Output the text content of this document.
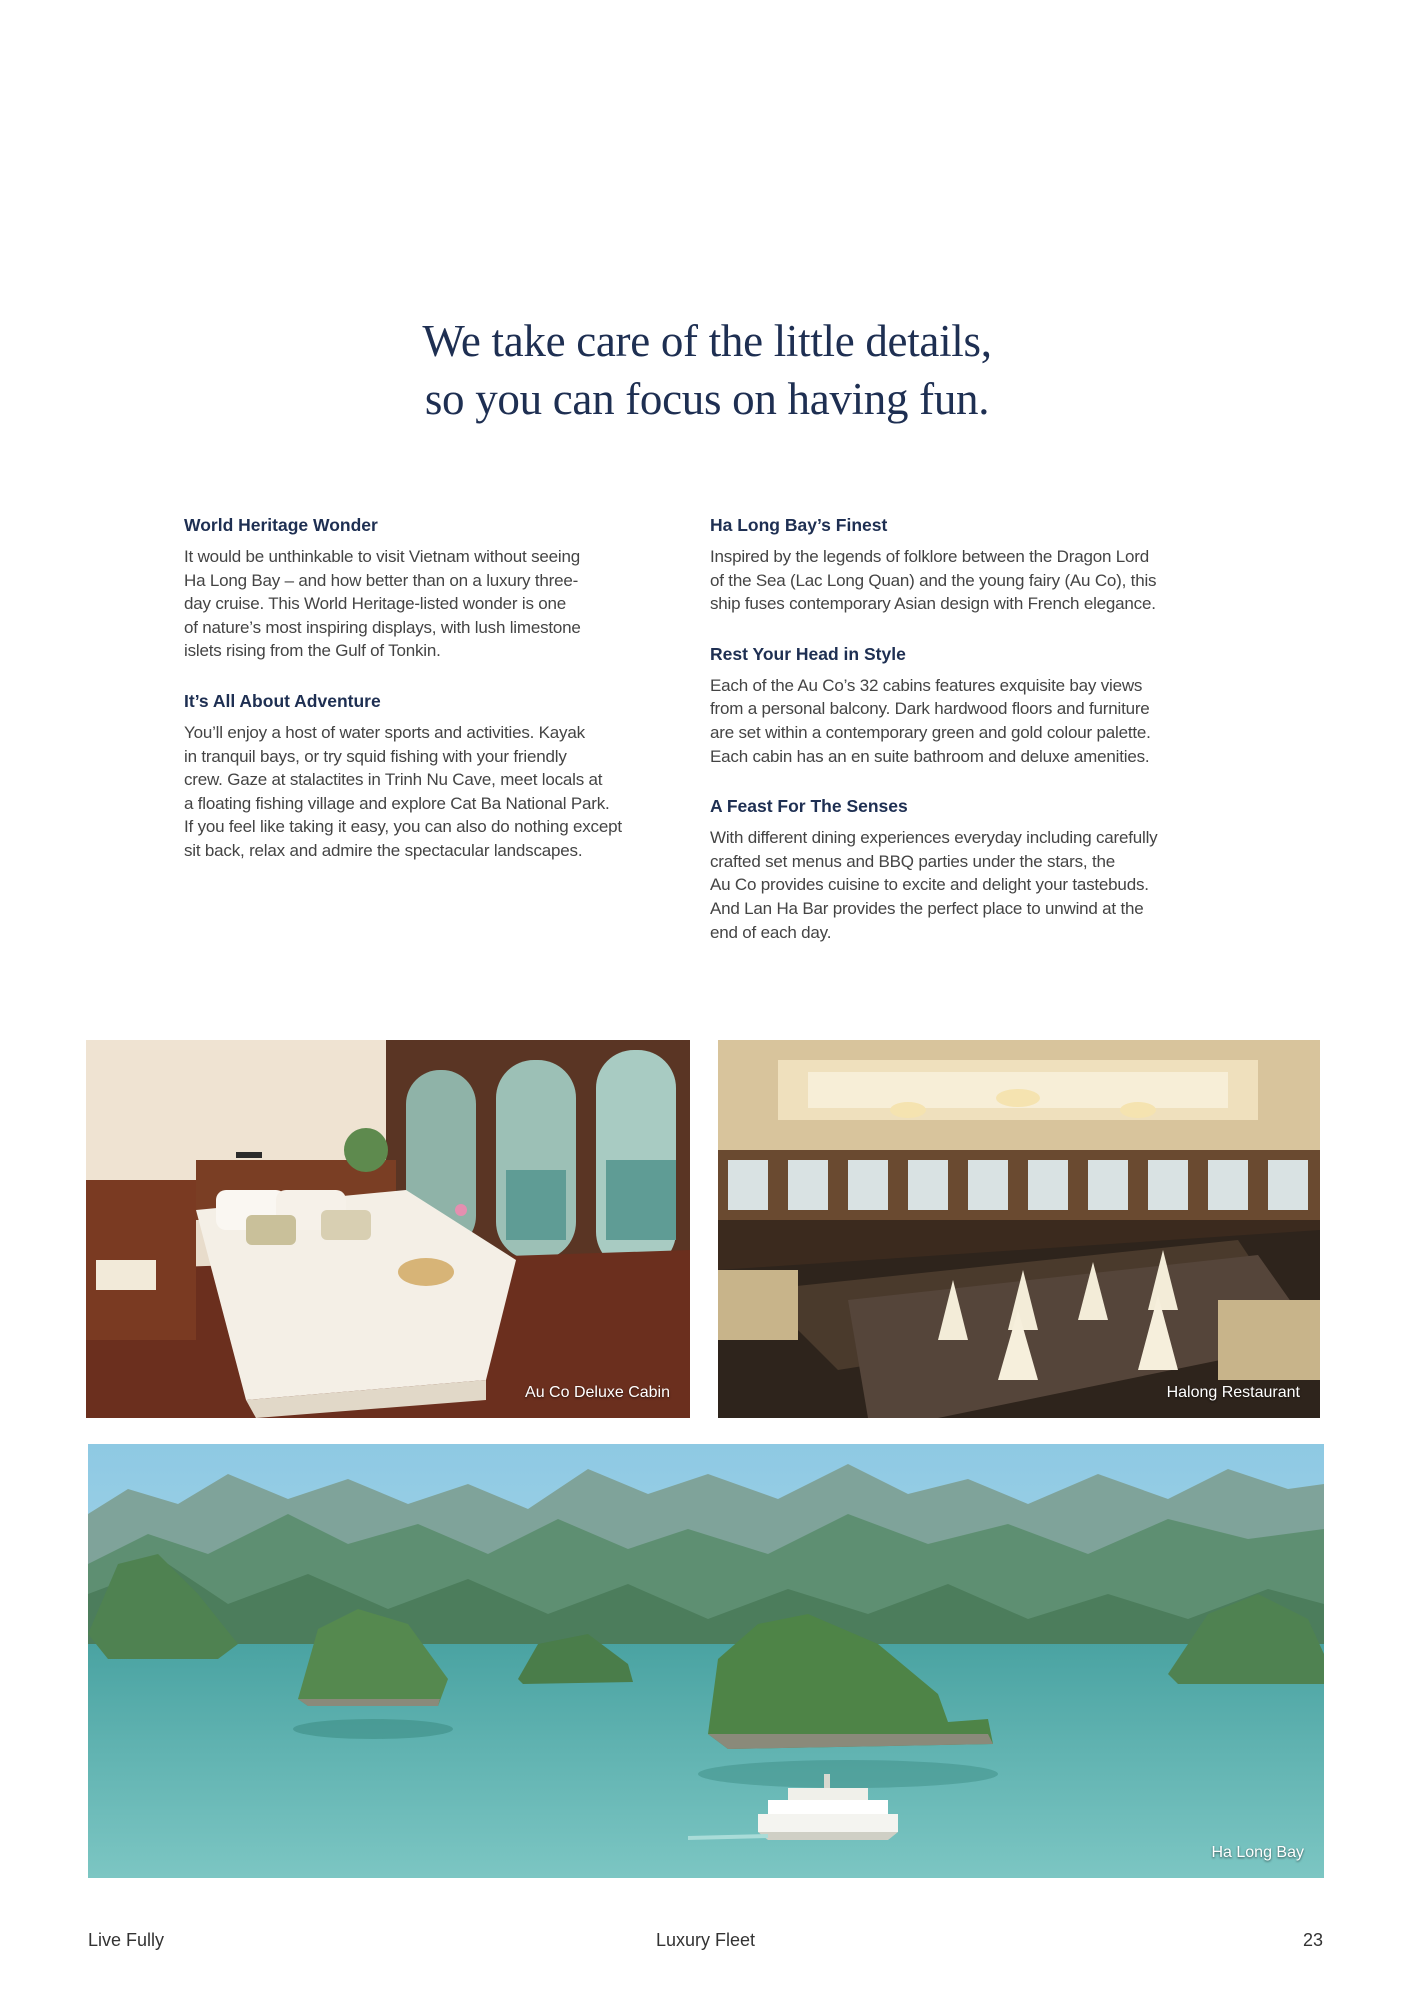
We take care of the little details,
so you can focus on having fun.
World Heritage Wonder

It would be unthinkable to visit Vietnam without seeing
Ha Long Bay – and how better than on a luxury three-
day cruise. This World Heritage-listed wonder is one
of nature’s most inspiring displays, with lush limestone
islets rising from the Gulf of Tonkin.

It’s All About Adventure

You’ll enjoy a host of water sports and activities. Kayak
in tranquil bays, or try squid fishing with your friendly
crew. Gaze at stalactites in Trinh Nu Cave, meet locals at
a floating fishing village and explore Cat Ba National Park.
If you feel like taking it easy, you can also do nothing except
sit back, relax and admire the spectacular landscapes.

Ha Long Bay’s Finest

Inspired by the legends of folklore between the Dragon Lord
of the Sea (Lac Long Quan) and the young fairy (Au Co), this
ship fuses contemporary Asian design with French elegance.

Rest Your Head in Style

Each of the Au Co’s 32 cabins features exquisite bay views
from a personal balcony. Dark hardwood floors and furniture
are set within a contemporary green and gold colour palette.
Each cabin has an en suite bathroom and deluxe amenities.

A Feast For The Senses

With different dining experiences everyday including carefully
crafted set menus and BBQ parties under the stars, the
Au Co provides cuisine to excite and delight your tastebuds.
And Lan Ha Bar provides the perfect place to unwind at the
end of each day.

Au Co Deluxe Cabin	Halong Restaurant
Ha Long Bay
Live Fully	Luxury Fleet	23
